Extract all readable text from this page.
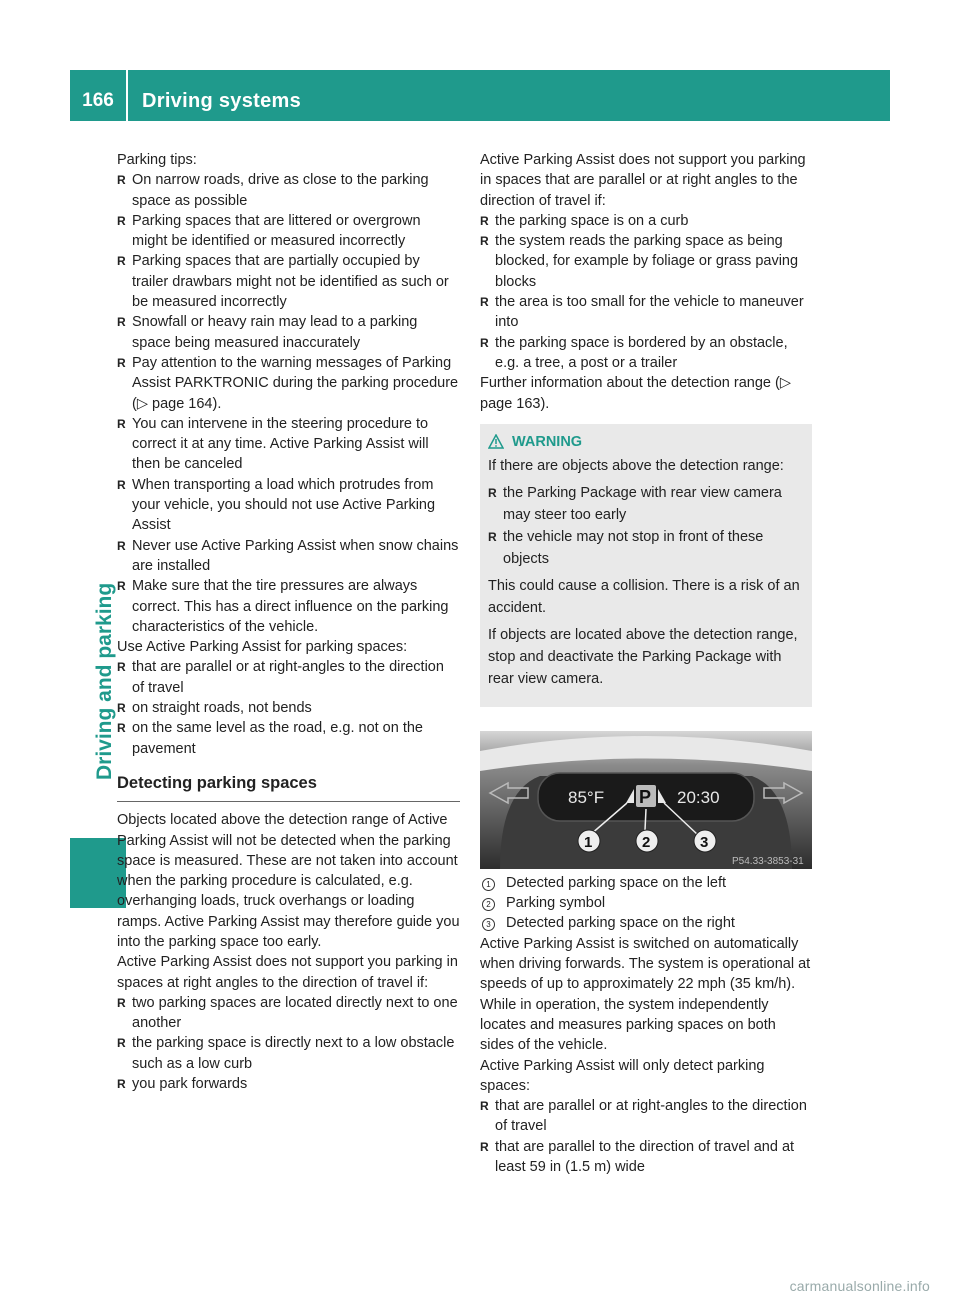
166	Driving systems
Driving and parking

Parking tips:

R On narrow roads, drive as close to the parking space as possible
R Parking spaces that are littered or overgrown might be identified or measured incorrectly
R Parking spaces that are partially occupied by trailer drawbars might not be identified as such or be measured incorrectly
R Snowfall or heavy rain may lead to a parking space being measured inaccurately
R Pay attention to the warning messages of Parking Assist PARKTRONIC during the parking procedure (▷ page 164).
R You can intervene in the steering procedure to correct it at any time. Active Parking Assist will then be canceled
R When transporting a load which protrudes from your vehicle, you should not use Active Parking Assist
R Never use Active Parking Assist when snow chains are installed
R Make sure that the tire pressures are always correct. This has a direct influence on the parking characteristics of the vehicle.

Use Active Parking Assist for parking spaces:

R that are parallel or at right-angles to the direction of travel
R on straight roads, not bends
R on the same level as the road, e.g. not on the pavement
Detecting parking spaces

Objects located above the detection range of Active Parking Assist will not be detected when the parking space is measured. These are not taken into account when the parking procedure is calculated, e.g. overhanging loads, truck overhangs or loading ramps. Active Parking Assist may therefore guide you into the parking space too early.

Active Parking Assist does not support you parking in spaces at right angles to the direction of travel if:

R two parking spaces are located directly next to one another
R the parking space is directly next to a low obstacle such as a low curb
R you park forwards

Active Parking Assist does not support you parking in spaces that are parallel or at right angles to the direction of travel if:

R the parking space is on a curb
R the system reads the parking space as being blocked, for example by foliage or grass paving blocks
R the area is too small for the vehicle to maneuver into
R the parking space is bordered by an obstacle, e.g. a tree, a post or a trailer

Further information about the detection range (▷ page 163).

WARNING

If there are objects above the detection range:

R the Parking Package with rear view camera may steer too early
R the vehicle may not stop in front of these objects

This could cause a collision. There is a risk of an accident.

If objects are located above the detection range, stop and deactivate the Parking Package with rear view camera.

85°F P 20:30
1	2	3
P54.33-3853-31
1 Detected parking space on the left
2 Parking symbol
3 Detected parking space on the right

Active Parking Assist is switched on automatically when driving forwards. The system is operational at speeds of up to approximately 22 mph (35 km/h). While in operation, the system independently locates and measures parking spaces on both sides of the vehicle.

Active Parking Assist will only detect parking spaces:

R that are parallel or at right-angles to the direction of travel
R that are parallel to the direction of travel and at least 59 in (1.5 m) wide
carmanualsonline.info
